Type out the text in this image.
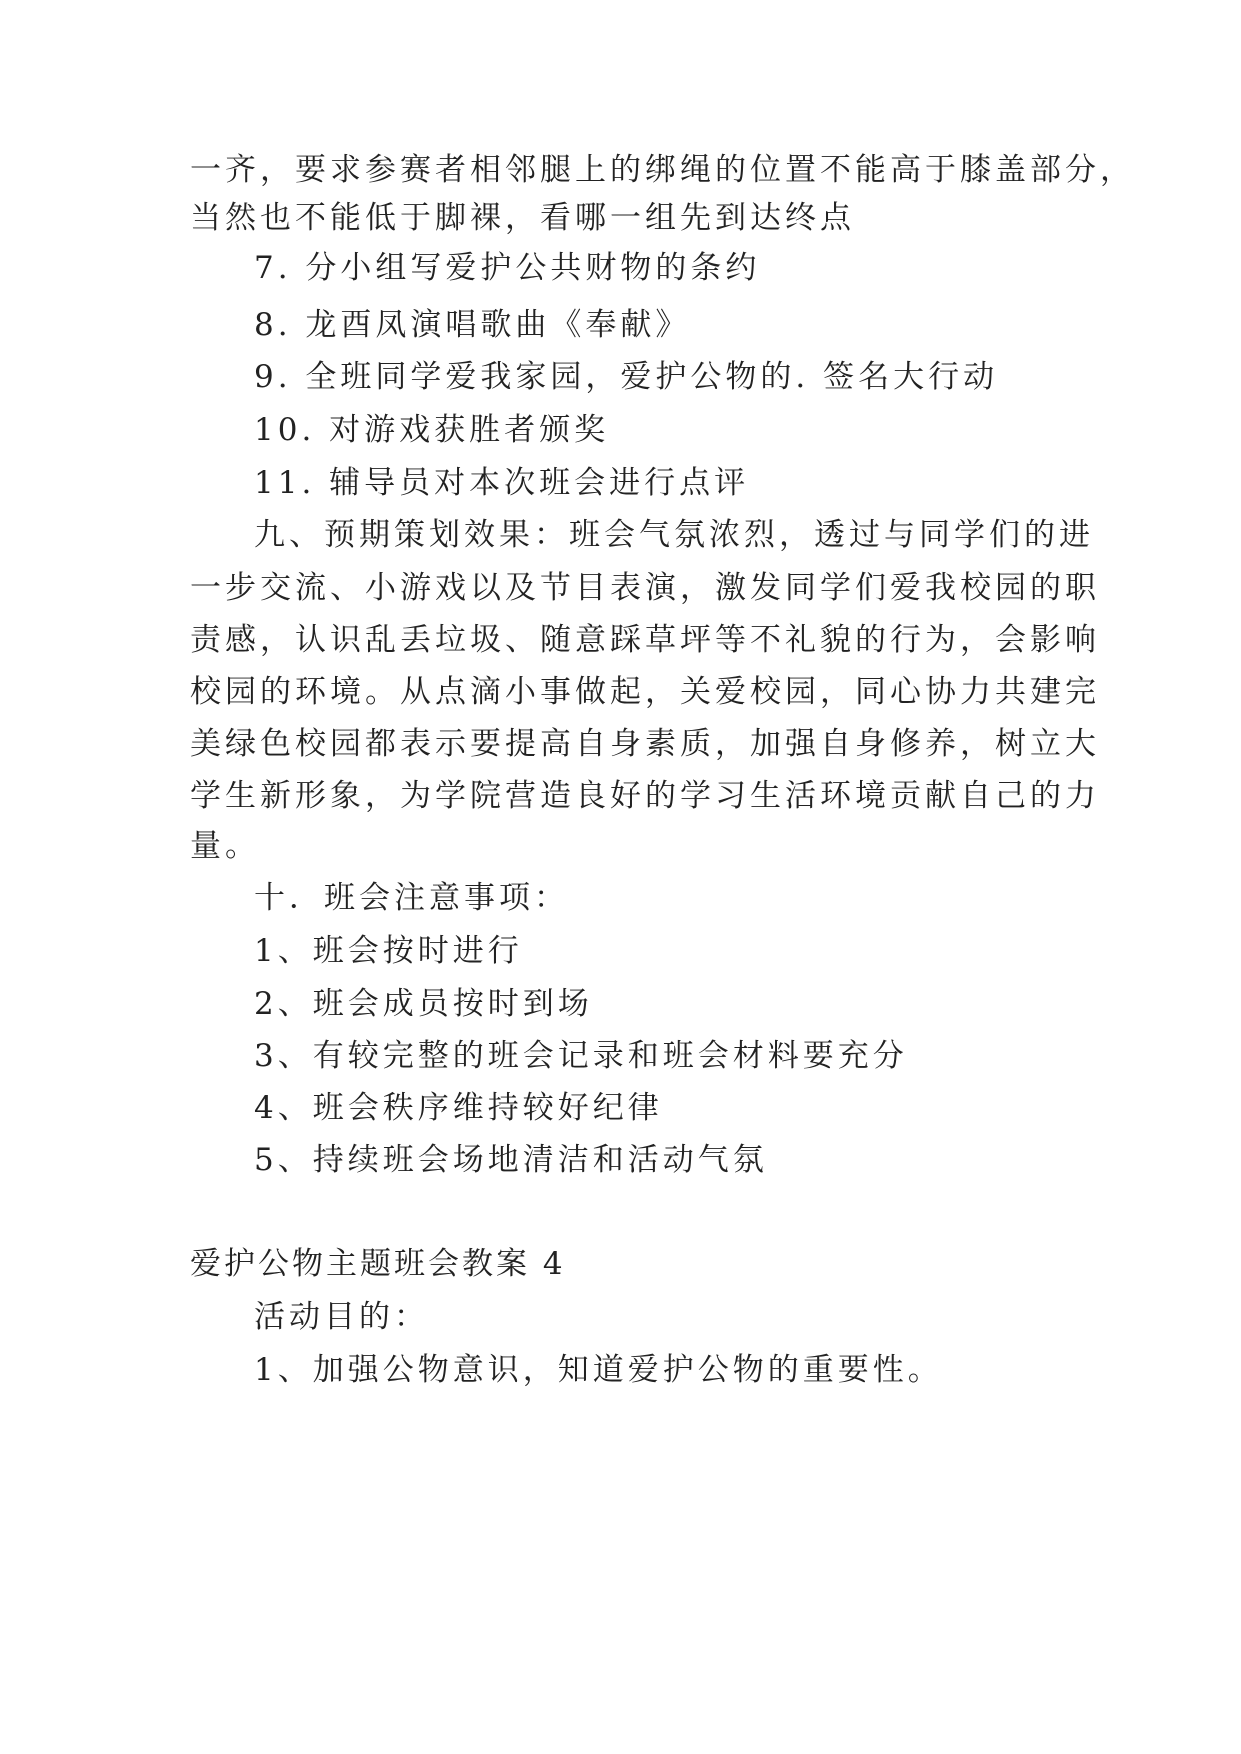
一齐，要求参赛者相邻腿上的绑绳的位置不能高于膝盖部分，
当然也不能低于脚裸，看哪一组先到达终点
7. 分小组写爱护公共财物的条约
8. 龙酉凤演唱歌曲《奉献》
9. 全班同学爱我家园，爱护公物的. 签名大行动
10. 对游戏获胜者颁奖
11. 辅导员对本次班会进行点评
九、预期策划效果：班会气氛浓烈，透过与同学们的进
一步交流、小游戏以及节目表演，激发同学们爱我校园的职
责感，认识乱丢垃圾、随意踩草坪等不礼貌的行为，会影响
校园的环境。从点滴小事做起，关爱校园，同心协力共建完
美绿色校园都表示要提高自身素质，加强自身修养，树立大
学生新形象，为学院营造良好的学习生活环境贡献自己的力
量。
十．班会注意事项：
1、班会按时进行
2、班会成员按时到场
3、有较完整的班会记录和班会材料要充分
4、班会秩序维持较好纪律
5、持续班会场地清洁和活动气氛
爱护公物主题班会教案 4
活动目的：
1、加强公物意识，知道爱护公物的重要性。
